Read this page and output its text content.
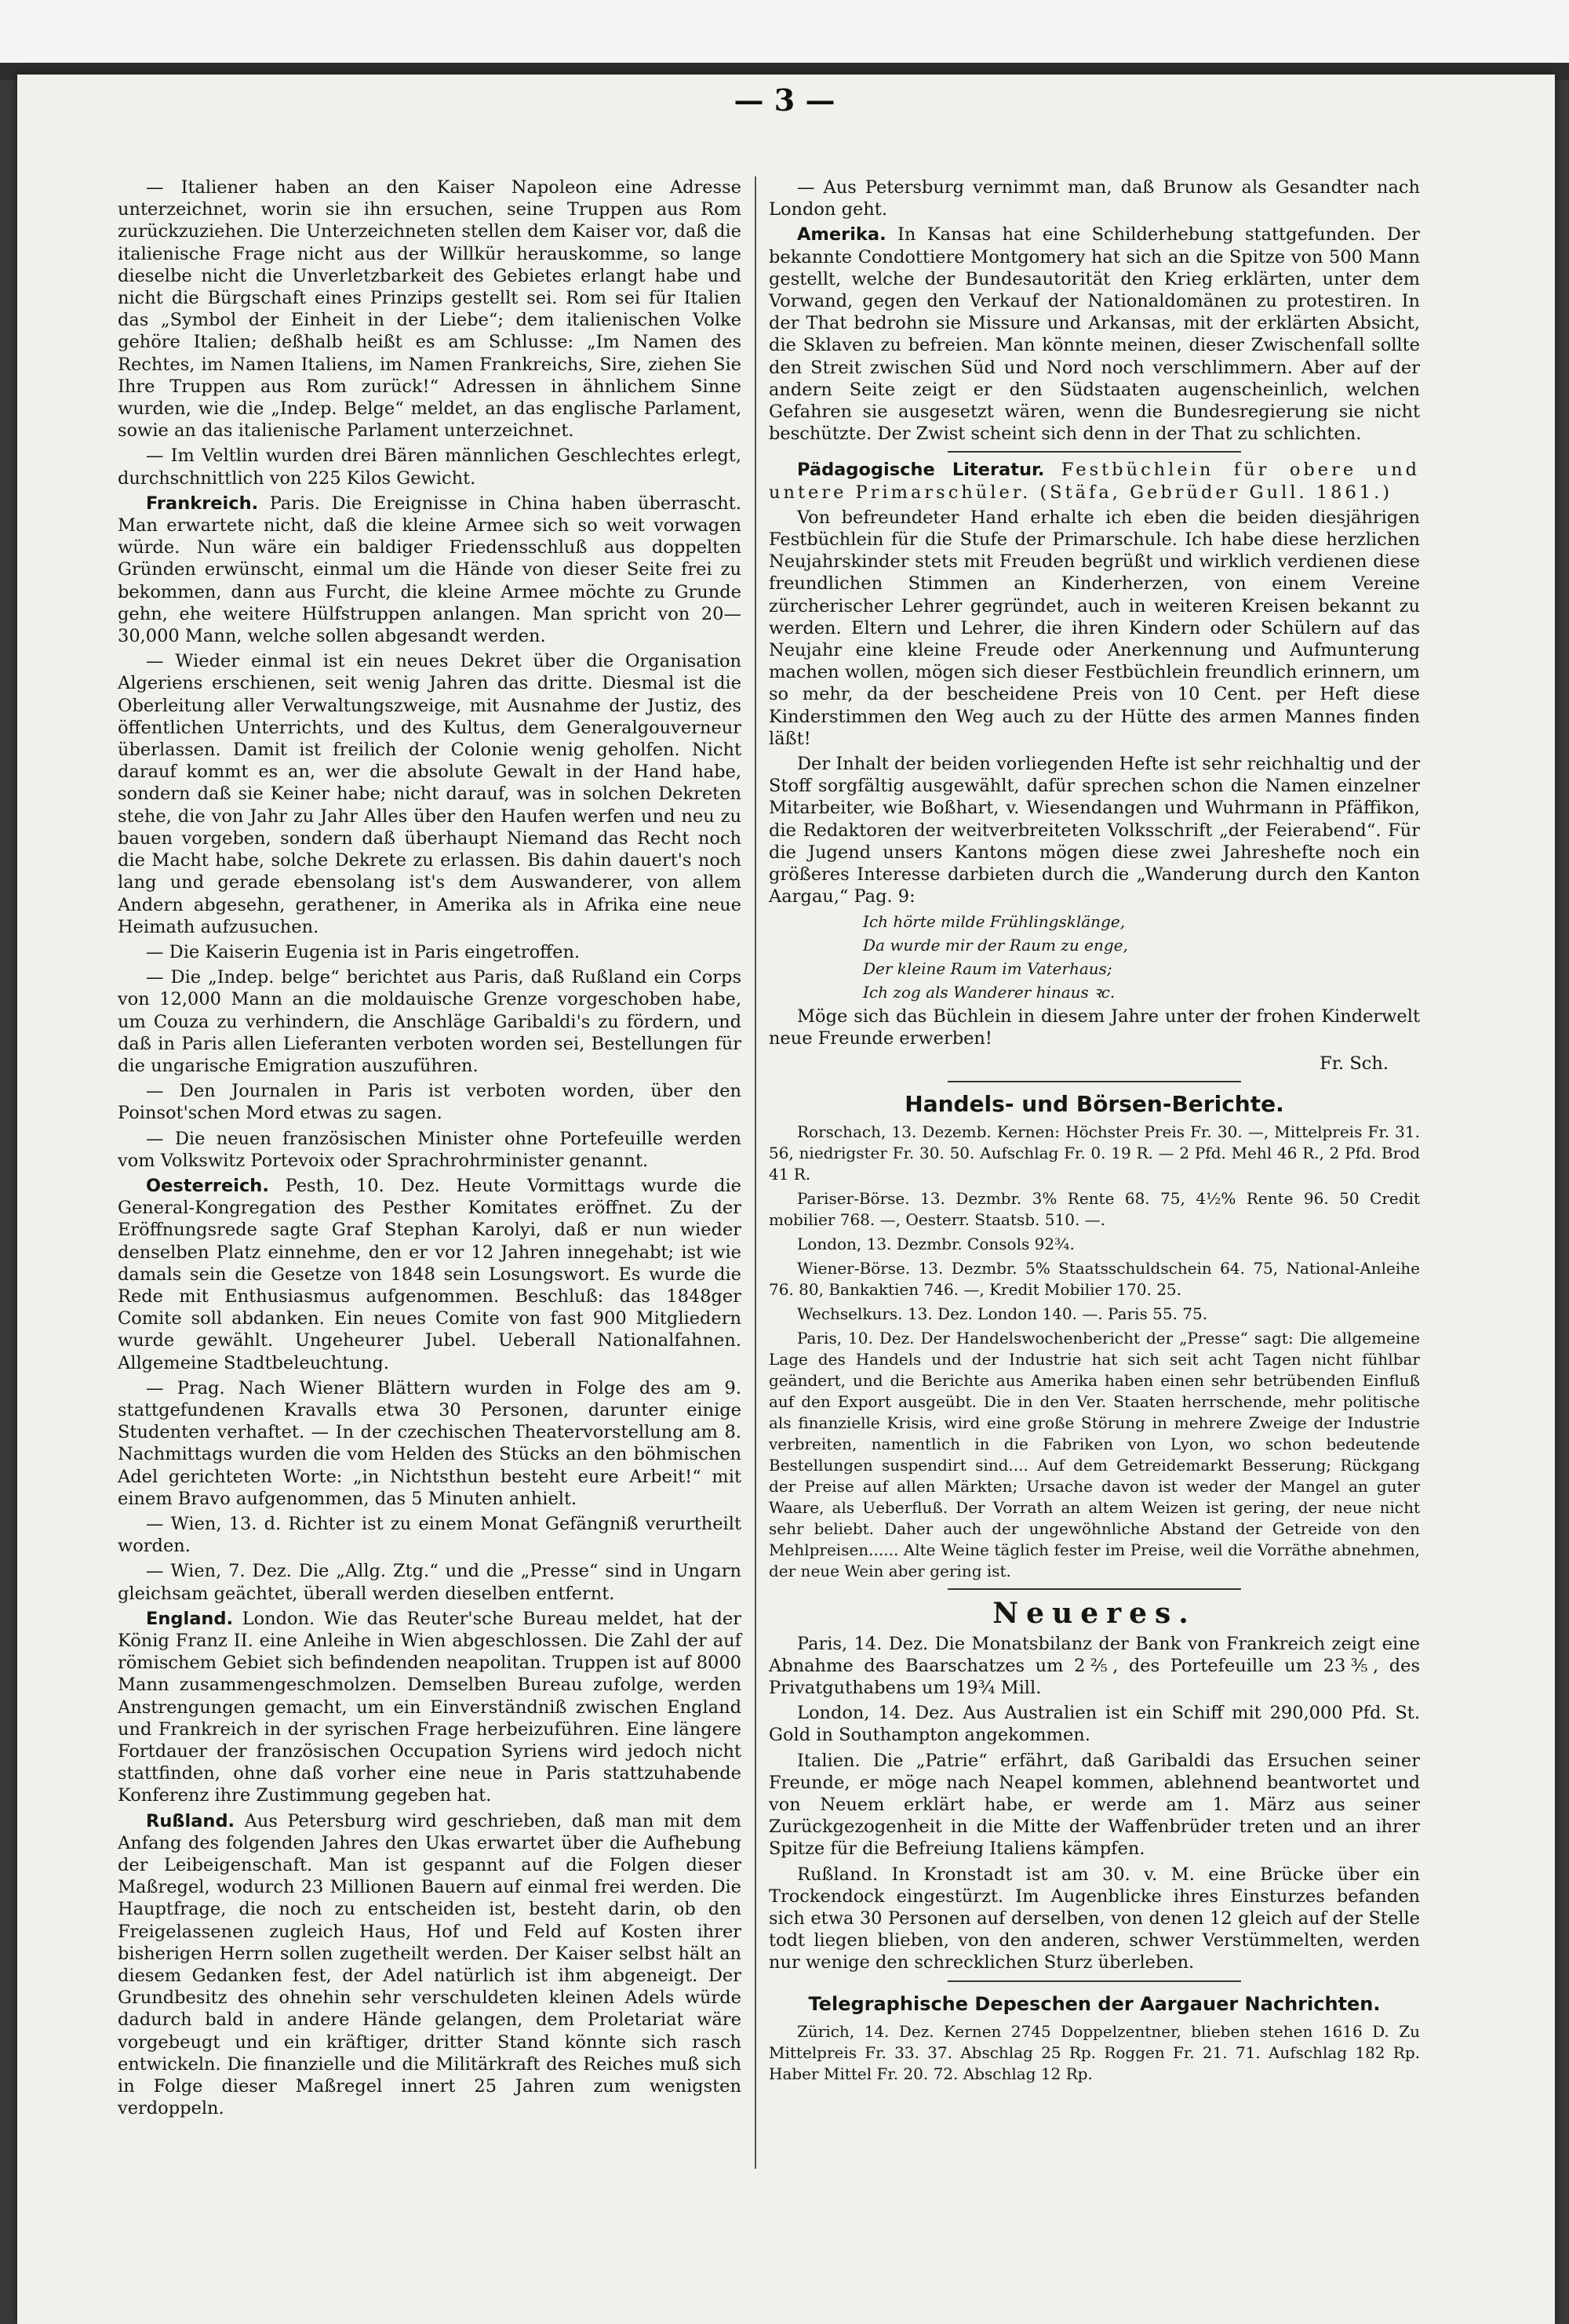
— 3 —

— Italiener haben an den Kaiser Napoleon eine Adresse unterzeichnet, worin sie ihn ersuchen, seine Truppen aus Rom zurückzuziehen. Die Unterzeichneten stellen dem Kaiser vor, daß die italienische Frage nicht aus der Willkür herauskomme, so lange dieselbe nicht die Unverletzbarkeit des Gebietes erlangt habe und nicht die Bürgschaft eines Prinzips gestellt sei. Rom sei für Italien das „Symbol der Einheit in der Liebe“; dem italienischen Volke gehöre Italien; deßhalb heißt es am Schlusse: „Im Namen des Rechtes, im Namen Italiens, im Namen Frankreichs, Sire, ziehen Sie Ihre Truppen aus Rom zurück!“ Adressen in ähnlichem Sinne wurden, wie die „Indep. Belge“ meldet, an das englische Parlament, sowie an das italienische Parlament unterzeichnet.

— Im Veltlin wurden drei Bären männlichen Geschlechtes erlegt, durchschnittlich von 225 Kilos Gewicht.

Frankreich. Paris. Die Ereignisse in China haben überrascht. Man erwartete nicht, daß die kleine Armee sich so weit vorwagen würde. Nun wäre ein baldiger Friedensschluß aus doppelten Gründen erwünscht, einmal um die Hände von dieser Seite frei zu bekommen, dann aus Furcht, die kleine Armee möchte zu Grunde gehn, ehe weitere Hülfstruppen anlangen. Man spricht von 20—30,000 Mann, welche sollen abgesandt werden.

— Wieder einmal ist ein neues Dekret über die Organisation Algeriens erschienen, seit wenig Jahren das dritte. Diesmal ist die Oberleitung aller Verwaltungszweige, mit Ausnahme der Justiz, des öffentlichen Unterrichts, und des Kultus, dem Generalgouverneur überlassen. Damit ist freilich der Colonie wenig geholfen. Nicht darauf kommt es an, wer die absolute Gewalt in der Hand habe, sondern daß sie Keiner habe; nicht darauf, was in solchen Dekreten stehe, die von Jahr zu Jahr Alles über den Haufen werfen und neu zu bauen vorgeben, sondern daß überhaupt Niemand das Recht noch die Macht habe, solche Dekrete zu erlassen. Bis dahin dauert's noch lang und gerade ebensolang ist's dem Auswanderer, von allem Andern abgesehn, gerathener, in Amerika als in Afrika eine neue Heimath aufzusuchen.

— Die Kaiserin Eugenia ist in Paris eingetroffen.

— Die „Indep. belge“ berichtet aus Paris, daß Rußland ein Corps von 12,000 Mann an die moldauische Grenze vorgeschoben habe, um Couza zu verhindern, die Anschläge Garibaldi's zu fördern, und daß in Paris allen Lieferanten verboten worden sei, Bestellungen für die ungarische Emigration auszuführen.

— Den Journalen in Paris ist verboten worden, über den Poinsot'schen Mord etwas zu sagen.

— Die neuen französischen Minister ohne Portefeuille werden vom Volkswitz Portevoix oder Sprachrohrminister genannt.

Oesterreich. Pesth, 10. Dez. Heute Vormittags wurde die General-Kongregation des Pesther Komitates eröffnet. Zu der Eröffnungsrede sagte Graf Stephan Karolyi, daß er nun wieder denselben Platz einnehme, den er vor 12 Jahren innegehabt; ist wie damals sein die Gesetze von 1848 sein Losungswort. Es wurde die Rede mit Enthusiasmus aufgenommen. Beschluß: das 1848ger Comite soll abdanken. Ein neues Comite von fast 900 Mitgliedern wurde gewählt. Ungeheurer Jubel. Ueberall Nationalfahnen. Allgemeine Stadtbeleuchtung.

— Prag. Nach Wiener Blättern wurden in Folge des am 9. stattgefundenen Kravalls etwa 30 Personen, darunter einige Studenten verhaftet. — In der czechischen Theatervorstellung am 8. Nachmittags wurden die vom Helden des Stücks an den böhmischen Adel gerichteten Worte: „in Nichtsthun besteht eure Arbeit!“ mit einem Bravo aufgenommen, das 5 Minuten anhielt.

— Wien, 13. d. Richter ist zu einem Monat Gefängniß verurtheilt worden.

— Wien, 7. Dez. Die „Allg. Ztg.“ und die „Presse“ sind in Ungarn gleichsam geächtet, überall werden dieselben entfernt.

England. London. Wie das Reuter'sche Bureau meldet, hat der König Franz II. eine Anleihe in Wien abgeschlossen. Die Zahl der auf römischem Gebiet sich befindenden neapolitan. Truppen ist auf 8000 Mann zusammengeschmolzen. Demselben Bureau zufolge, werden Anstrengungen gemacht, um ein Einverständniß zwischen England und Frankreich in der syrischen Frage herbeizuführen. Eine längere Fortdauer der französischen Occupation Syriens wird jedoch nicht stattfinden, ohne daß vorher eine neue in Paris stattzuhabende Konferenz ihre Zustimmung gegeben hat.

Rußland. Aus Petersburg wird geschrieben, daß man mit dem Anfang des folgenden Jahres den Ukas erwartet über die Aufhebung der Leibeigenschaft. Man ist gespannt auf die Folgen dieser Maßregel, wodurch 23 Millionen Bauern auf einmal frei werden. Die Hauptfrage, die noch zu entscheiden ist, besteht darin, ob den Freigelassenen zugleich Haus, Hof und Feld auf Kosten ihrer bisherigen Herrn sollen zugetheilt werden. Der Kaiser selbst hält an diesem Gedanken fest, der Adel natürlich ist ihm abgeneigt. Der Grundbesitz des ohnehin sehr verschuldeten kleinen Adels würde dadurch bald in andere Hände gelangen, dem Proletariat wäre vorgebeugt und ein kräftiger, dritter Stand könnte sich rasch entwickeln. Die finanzielle und die Militärkraft des Reiches muß sich in Folge dieser Maßregel innert 25 Jahren zum wenigsten verdoppeln.

— Aus Petersburg vernimmt man, daß Brunow als Gesandter nach London geht.

Amerika. In Kansas hat eine Schilderhebung stattgefunden. Der bekannte Condottiere Montgomery hat sich an die Spitze von 500 Mann gestellt, welche der Bundesautorität den Krieg erklärten, unter dem Vorwand, gegen den Verkauf der Nationaldomänen zu protestiren. In der That bedrohn sie Missure und Arkansas, mit der erklärten Absicht, die Sklaven zu befreien. Man könnte meinen, dieser Zwischenfall sollte den Streit zwischen Süd und Nord noch verschlimmern. Aber auf der andern Seite zeigt er den Südstaaten augenscheinlich, welchen Gefahren sie ausgesetzt wären, wenn die Bundesregierung sie nicht beschützte. Der Zwist scheint sich denn in der That zu schlichten.

Pädagogische Literatur. Festbüchlein für obere und untere Primarschüler. (Stäfa, Gebrüder Gull. 1861.)

Von befreundeter Hand erhalte ich eben die beiden diesjährigen Festbüchlein für die Stufe der Primarschule. Ich habe diese herzlichen Neujahrskinder stets mit Freuden begrüßt und wirklich verdienen diese freundlichen Stimmen an Kinderherzen, von einem Vereine zürcherischer Lehrer gegründet, auch in weiteren Kreisen bekannt zu werden. Eltern und Lehrer, die ihren Kindern oder Schülern auf das Neujahr eine kleine Freude oder Anerkennung und Aufmunterung machen wollen, mögen sich dieser Festbüchlein freundlich erinnern, um so mehr, da der bescheidene Preis von 10 Cent. per Heft diese Kinderstimmen den Weg auch zu der Hütte des armen Mannes finden läßt!

Der Inhalt der beiden vorliegenden Hefte ist sehr reichhaltig und der Stoff sorgfältig ausgewählt, dafür sprechen schon die Namen einzelner Mitarbeiter, wie Boßhart, v. Wiesendangen und Wuhrmann in Pfäffikon, die Redaktoren der weitverbreiteten Volksschrift „der Feierabend“. Für die Jugend unsers Kantons mögen diese zwei Jahreshefte noch ein größeres Interesse darbieten durch die „Wanderung durch den Kanton Aargau,“ Pag. 9:

Ich hörte milde Frühlingsklänge,
Da wurde mir der Raum zu enge,
Der kleine Raum im Vaterhaus;
Ich zog als Wanderer hinaus ꝛc.

Möge sich das Büchlein in diesem Jahre unter der frohen Kinderwelt neue Freunde erwerben!

Fr. Sch.
Handels- und Börsen-Berichte.

Rorschach, 13. Dezemb. Kernen: Höchster Preis Fr. 30. —, Mittelpreis Fr. 31. 56, niedrigster Fr. 30. 50. Aufschlag Fr. 0. 19 R. — 2 Pfd. Mehl 46 R., 2 Pfd. Brod 41 R.

Pariser-Börse. 13. Dezmbr. 3% Rente 68. 75, 4½% Rente 96. 50 Credit mobilier 768. —, Oesterr. Staatsb. 510. —.

London, 13. Dezmbr. Consols 92¾.

Wiener-Börse. 13. Dezmbr. 5% Staatsschuldschein 64. 75, National-Anleihe 76. 80, Bankaktien 746. —, Kredit Mobilier 170. 25.

Wechselkurs. 13. Dez. London 140. —. Paris 55. 75.

Paris, 10. Dez. Der Handelswochenbericht der „Presse“ sagt: Die allgemeine Lage des Handels und der Industrie hat sich seit acht Tagen nicht fühlbar geändert, und die Berichte aus Amerika haben einen sehr betrübenden Einfluß auf den Export ausgeübt. Die in den Ver. Staaten herrschende, mehr politische als finanzielle Krisis, wird eine große Störung in mehrere Zweige der Industrie verbreiten, namentlich in die Fabriken von Lyon, wo schon bedeutende Bestellungen suspendirt sind.... Auf dem Getreidemarkt Besserung; Rückgang der Preise auf allen Märkten; Ursache davon ist weder der Mangel an guter Waare, als Ueberfluß. Der Vorrath an altem Weizen ist gering, der neue nicht sehr beliebt. Daher auch der ungewöhnliche Abstand der Getreide von den Mehlpreisen...... Alte Weine täglich fester im Preise, weil die Vorräthe abnehmen, der neue Wein aber gering ist.

Neueres.

Paris, 14. Dez. Die Monatsbilanz der Bank von Frankreich zeigt eine Abnahme des Baarschatzes um 2⅖, des Portefeuille um 23⅗, des Privatguthabens um 19¾ Mill.

London, 14. Dez. Aus Australien ist ein Schiff mit 290,000 Pfd. St. Gold in Southampton angekommen.

Italien. Die „Patrie“ erfährt, daß Garibaldi das Ersuchen seiner Freunde, er möge nach Neapel kommen, ablehnend beantwortet und von Neuem erklärt habe, er werde am 1. März aus seiner Zurückgezogenheit in die Mitte der Waffenbrüder treten und an ihrer Spitze für die Befreiung Italiens kämpfen.

Rußland. In Kronstadt ist am 30. v. M. eine Brücke über ein Trockendock eingestürzt. Im Augenblicke ihres Einsturzes befanden sich etwa 30 Personen auf derselben, von denen 12 gleich auf der Stelle todt liegen blieben, von den anderen, schwer Verstümmelten, werden nur wenige den schrecklichen Sturz überleben.

Telegraphische Depeschen der Aargauer Nachrichten.

Zürich, 14. Dez. Kernen 2745 Doppelzentner, blieben stehen 1616 D. Zu Mittelpreis Fr. 33. 37. Abschlag 25 Rp. Roggen Fr. 21. 71. Aufschlag 182 Rp. Haber Mittel Fr. 20. 72. Abschlag 12 Rp.
